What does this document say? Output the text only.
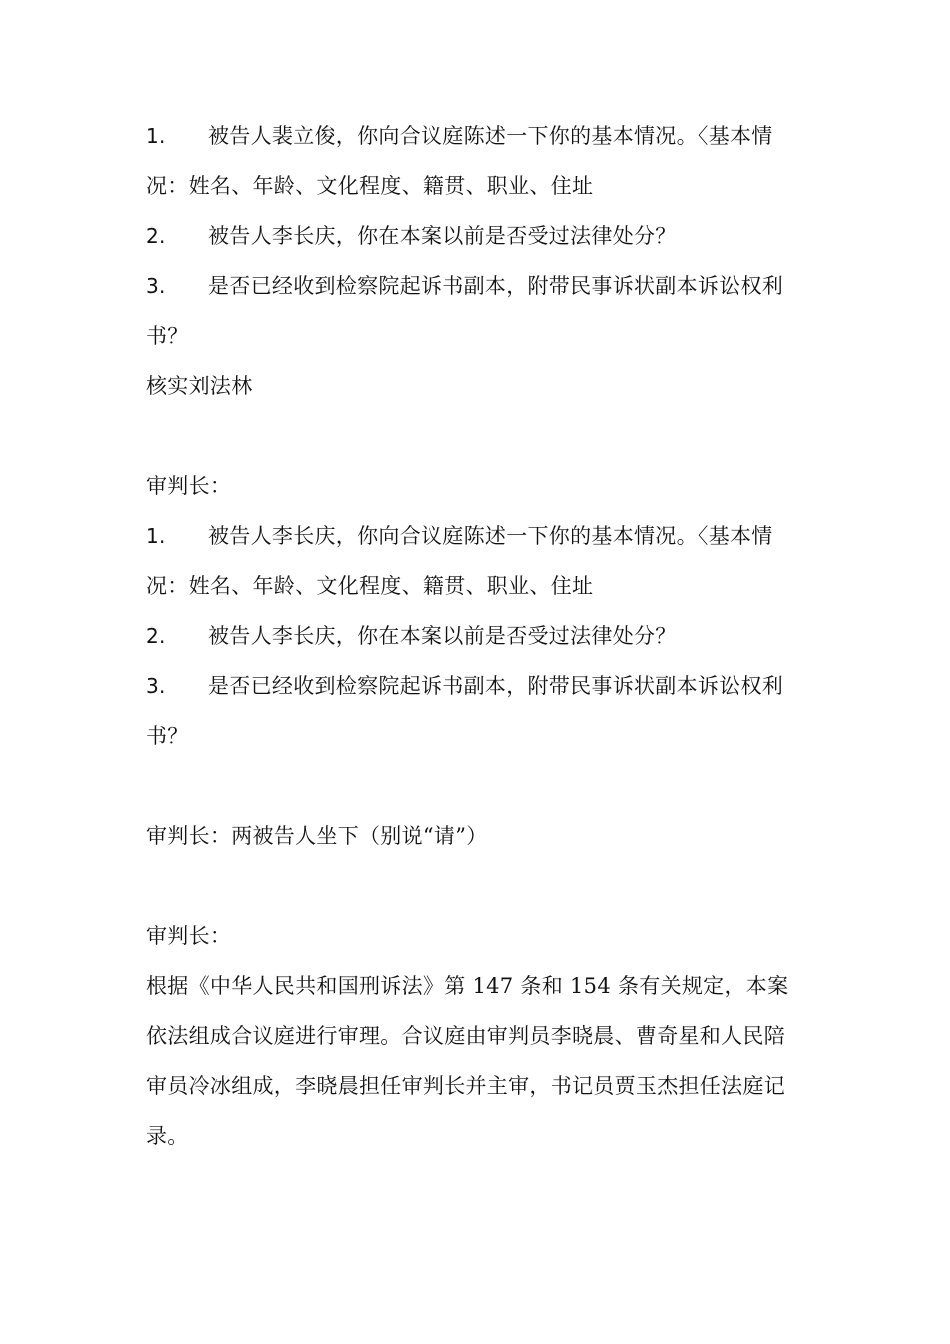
1. 被告人裴立俊，你向合议庭陈述一下你的基本情况。〈基本情
况：姓名、年龄、文化程度、籍贯、职业、住址
2. 被告人李长庆，你在本案以前是否受过法律处分？
3. 是否已经收到检察院起诉书副本，附带民事诉状副本诉讼权利
书？
核实刘法林
审判长：
1. 被告人李长庆，你向合议庭陈述一下你的基本情况。〈基本情
况：姓名、年龄、文化程度、籍贯、职业、住址
2. 被告人李长庆，你在本案以前是否受过法律处分？
3. 是否已经收到检察院起诉书副本，附带民事诉状副本诉讼权利
书？
审判长：两被告人坐下（别说“请”）
审判长：
根据《中华人民共和国刑诉法》第 147 条和 154 条有关规定，本案
依法组成合议庭进行审理。合议庭由审判员李晓晨、曹奇星和人民陪
审员冷冰组成，李晓晨担任审判长并主审，书记员贾玉杰担任法庭记
录。
